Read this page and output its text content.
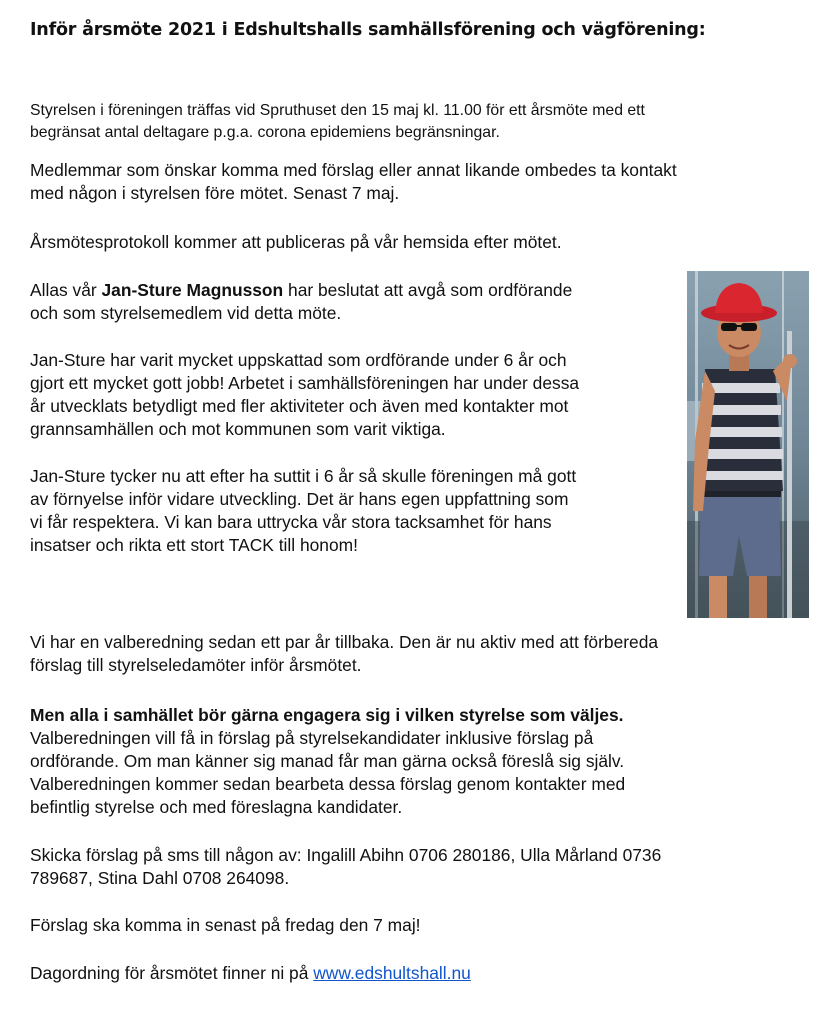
Inför årsmöte 2021 i Edshultshalls samhällsförening och vägförening:

Styrelsen i föreningen träffas vid Spruthuset den 15 maj kl. 11.00 för ett årsmöte med ett
begränsat antal deltagare p.g.a. corona epidemiens begränsningar.

Medlemmar som önskar komma med förslag eller annat likande ombedes ta kontakt
med någon i styrelsen före mötet. Senast 7 maj.

Årsmötesprotokoll kommer att publiceras på vår hemsida efter mötet.

Allas vår Jan-Sture Magnusson har beslutat att avgå som ordförande
och som styrelsemedlem vid detta möte.

Jan-Sture har varit mycket uppskattad som ordförande under 6 år och
gjort ett mycket gott jobb! Arbetet i samhällsföreningen har under dessa
år utvecklats betydligt med fler aktiviteter och även med kontakter mot
grannsamhällen och mot kommunen som varit viktiga.

Jan-Sture tycker nu att efter ha suttit i 6 år så skulle föreningen må gott
av förnyelse inför vidare utveckling. Det är hans egen uppfattning som
vi får respektera. Vi kan bara uttrycka vår stora tacksamhet för hans
insatser och rikta ett stort TACK till honom!

Vi har en valberedning sedan ett par år tillbaka. Den är nu aktiv med att förbereda
förslag till styrelseledamöter inför årsmötet.

Men alla i samhället bör gärna engagera sig i vilken styrelse som väljes.
Valberedningen vill få in förslag på styrelsekandidater inklusive förslag på
ordförande. Om man känner sig manad får man gärna också föreslå sig själv.
Valberedningen kommer sedan bearbeta dessa förslag genom kontakter med
befintlig styrelse och med föreslagna kandidater.

Skicka förslag på sms till någon av: Ingalill Abihn 0706 280186, Ulla Mårland 0736
789687, Stina Dahl 0708 264098.

Förslag ska komma in senast på fredag den 7 maj!

Dagordning för årsmötet finner ni på www.edshultshall.nu
